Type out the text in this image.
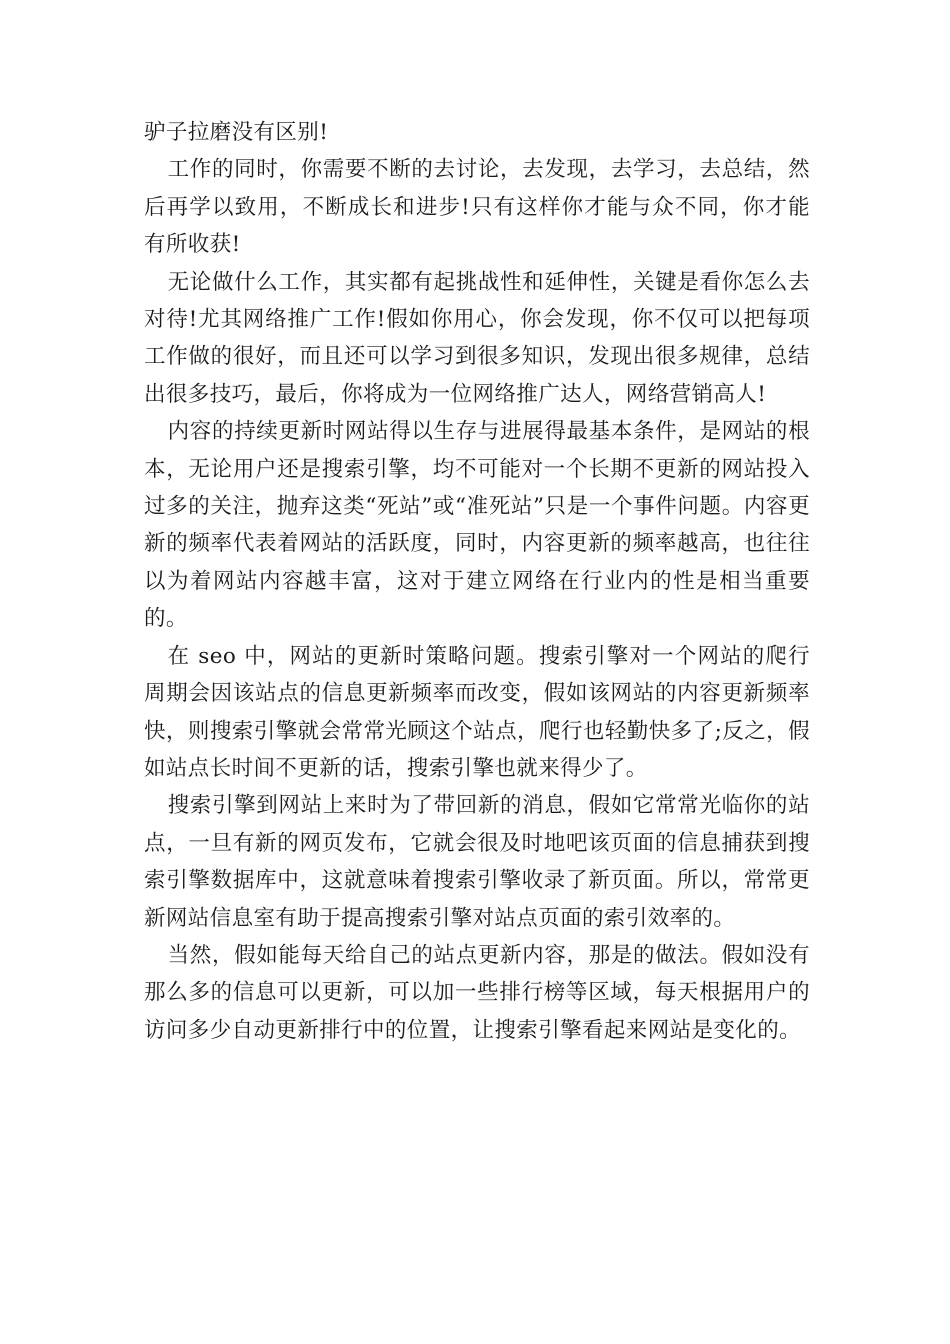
驴子拉磨没有区别!

工作的同时，你需要不断的去讨论，去发现，去学习，去总结，然后再学以致用，不断成长和进步!只有这样你才能与众不同，你才能有所收获!

无论做什么工作，其实都有起挑战性和延伸性，关键是看你怎么去对待!尤其网络推广工作!假如你用心，你会发现，你不仅可以把每项工作做的很好，而且还可以学习到很多知识，发现出很多规律，总结出很多技巧，最后，你将成为一位网络推广达人，网络营销高人!

内容的持续更新时网站得以生存与进展得最基本条件，是网站的根本，无论用户还是搜索引擎，均不可能对一个长期不更新的网站投入过多的关注，抛弃这类“死站”或“准死站”只是一个事件问题。内容更新的频率代表着网站的活跃度，同时，内容更新的频率越高，也往往以为着网站内容越丰富，这对于建立网络在行业内的性是相当重要的。

在 seo 中，网站的更新时策略问题。搜索引擎对一个网站的爬行周期会因该站点的信息更新频率而改变，假如该网站的内容更新频率快，则搜索引擎就会常常光顾这个站点，爬行也轻勤快多了;反之，假如站点长时间不更新的话，搜索引擎也就来得少了。

搜索引擎到网站上来时为了带回新的消息，假如它常常光临你的站点，一旦有新的网页发布，它就会很及时地吧该页面的信息捕获到搜索引擎数据库中，这就意味着搜索引擎收录了新页面。所以，常常更新网站信息室有助于提高搜索引擎对站点页面的索引效率的。

当然，假如能每天给自己的站点更新内容，那是的做法。假如没有那么多的信息可以更新，可以加一些排行榜等区域，每天根据用户的访问多少自动更新排行中的位置，让搜索引擎看起来网站是变化的。
